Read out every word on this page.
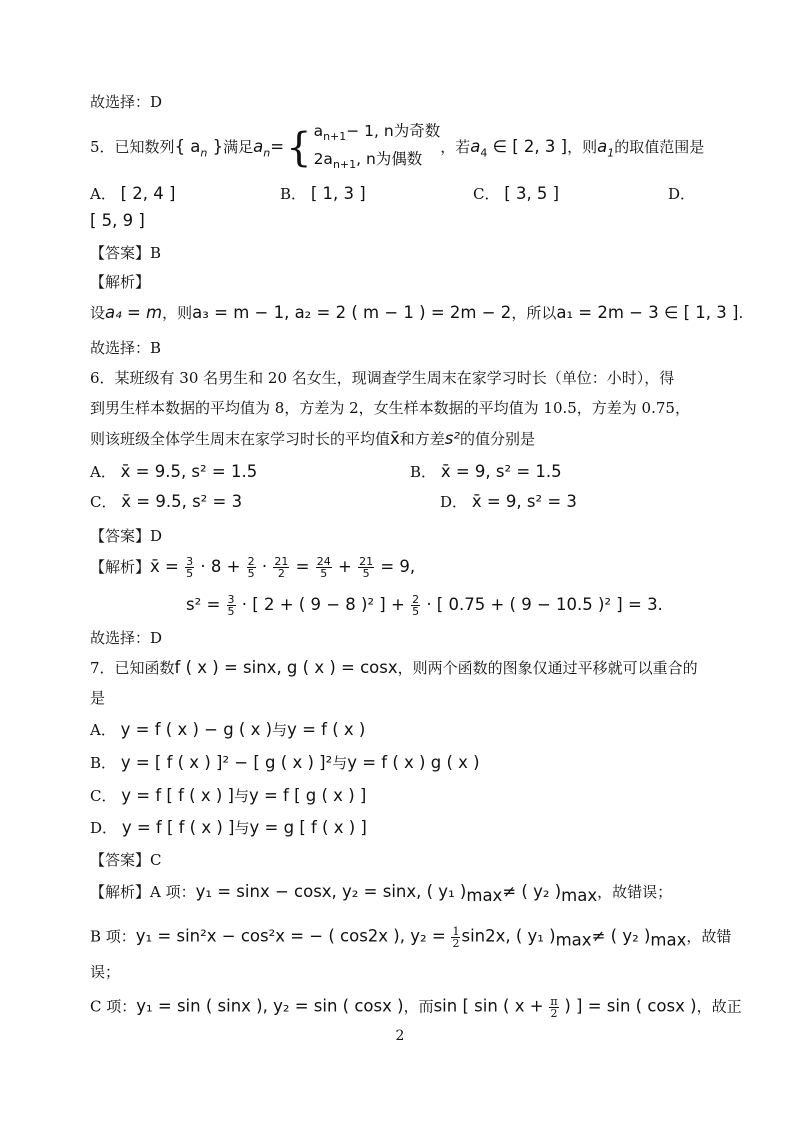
故选择：D
5．已知数列{ $a_n$ }满足$a_n=${ $a_{n+1}- 1$, n为奇数
$2a_{n+1}$, n为偶数
，若$a_4$ ∈ [ 2, 3 ]，则$a_1$的取值范围是
A． [ 2, 4 ]	B． [ 1, 3 ]	C． [ 3, 5 ]	D．
[ 5, 9 ]
【答案】B
【解析】
设a₄ = m，则a₃ = m − 1, a₂ = 2 ( m − 1 ) = 2m − 2，所以a₁ = 2m − 3 ∈ [ 1, 3 ].
故选择：B
6．某班级有 30 名男生和 20 名女生，现调查学生周末在家学习时长（单位：小时），得
到男生样本数据的平均值为 8，方差为 2，女生样本数据的平均值为 10.5，方差为 0.75，
则该班级全体学生周末在家学习时长的平均值x̄和方差s²的值分别是
A． x̄ = 9.5, s² = 1.5	B． x̄ = 9, s² = 1.5
C． x̄ = 9.5, s² = 3	D． x̄ = 9, s² = 3
【答案】D
【解析】x̄ = $\frac{3}{5} \cdot 8 + \frac{2}{5} \cdot \frac{21}{2} = \frac{24}{5} + \frac{21}{5} = 9$,
$s^2 = \frac{3}{5}$ · [ 2 + ( 9 − 8 )² ] + $\frac{2}{5}$ · [ 0.75 + ( 9 − 10.5 )² ] = 3.
故选择：D
7．已知函数f ( x ) = sinx, g ( x ) = cosx，则两个函数的图象仅通过平移就可以重合的
是
A． y = f ( x ) − g ( x )与y = f ( x )
B． y = [ f ( x ) ]² − [ g ( x ) ]²与y = f ( x ) g ( x )
C． y = f [ f ( x ) ]与y = f [ g ( x ) ]
D． y = f [ f ( x ) ]与y = g [ f ( x ) ]
【答案】C
【解析】A 项：y₁ = sinx − cosx, y₂ = sinx, ( y₁ )$_{max}\ne$ ( y₂ )$_{max}$，故错误；
B 项：y₁ = sin²x − cos²x = − ( cos2x ), $y_2 = \frac{1}{2} \sin 2x$, ( y₁ )$_{max}\ne$ ( y₂ )$_{max}$，故错
误；
C 项：y₁ = sin ( sinx ), y₂ = sin ( cosx )，而sin [ sin ( $x + \frac{\pi}{2}$ ) ] = sin ( cosx )，故正
2
